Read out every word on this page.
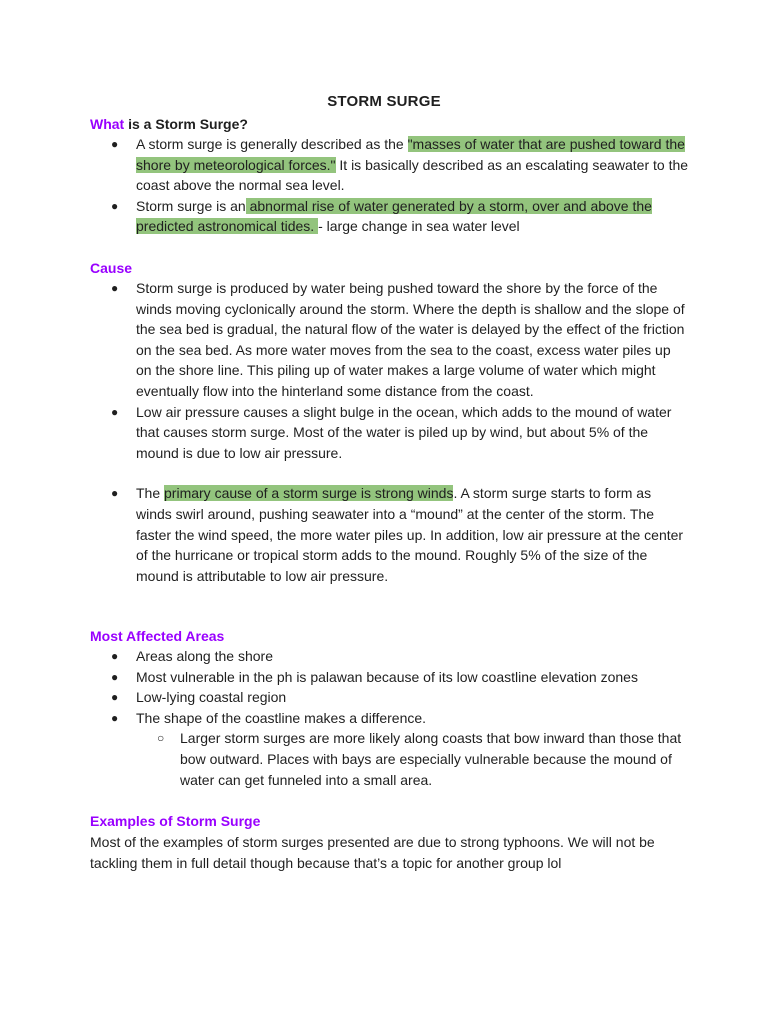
STORM SURGE
What is a Storm Surge?
● A storm surge is generally described as the "masses of water that are pushed toward the shore by meteorological forces." It is basically described as an escalating seawater to the coast above the normal sea level.
● Storm surge is an abnormal rise of water generated by a storm, over and above the predicted astronomical tides. - large change in sea water level
Cause
● Storm surge is produced by water being pushed toward the shore by the force of the winds moving cyclonically around the storm. Where the depth is shallow and the slope of the sea bed is gradual, the natural flow of the water is delayed by the effect of the friction on the sea bed. As more water moves from the sea to the coast, excess water piles up on the shore line. This piling up of water makes a large volume of water which might eventually flow into the hinterland some distance from the coast.
● Low air pressure causes a slight bulge in the ocean, which adds to the mound of water that causes storm surge. Most of the water is piled up by wind, but about 5% of the mound is due to low air pressure.
● The primary cause of a storm surge is strong winds. A storm surge starts to form as winds swirl around, pushing seawater into a “mound” at the center of the storm. The faster the wind speed, the more water piles up. In addition, low air pressure at the center of the hurricane or tropical storm adds to the mound. Roughly 5% of the size of the mound is attributable to low air pressure.
Most Affected Areas
● Areas along the shore
● Most vulnerable in the ph is palawan because of its low coastline elevation zones
● Low-lying coastal region
● The shape of the coastline makes a difference.
○ Larger storm surges are more likely along coasts that bow inward than those that bow outward. Places with bays are especially vulnerable because the mound of water can get funneled into a small area.
Examples of Storm Surge
Most of the examples of storm surges presented are due to strong typhoons. We will not be tackling them in full detail though because that’s a topic for another group lol
